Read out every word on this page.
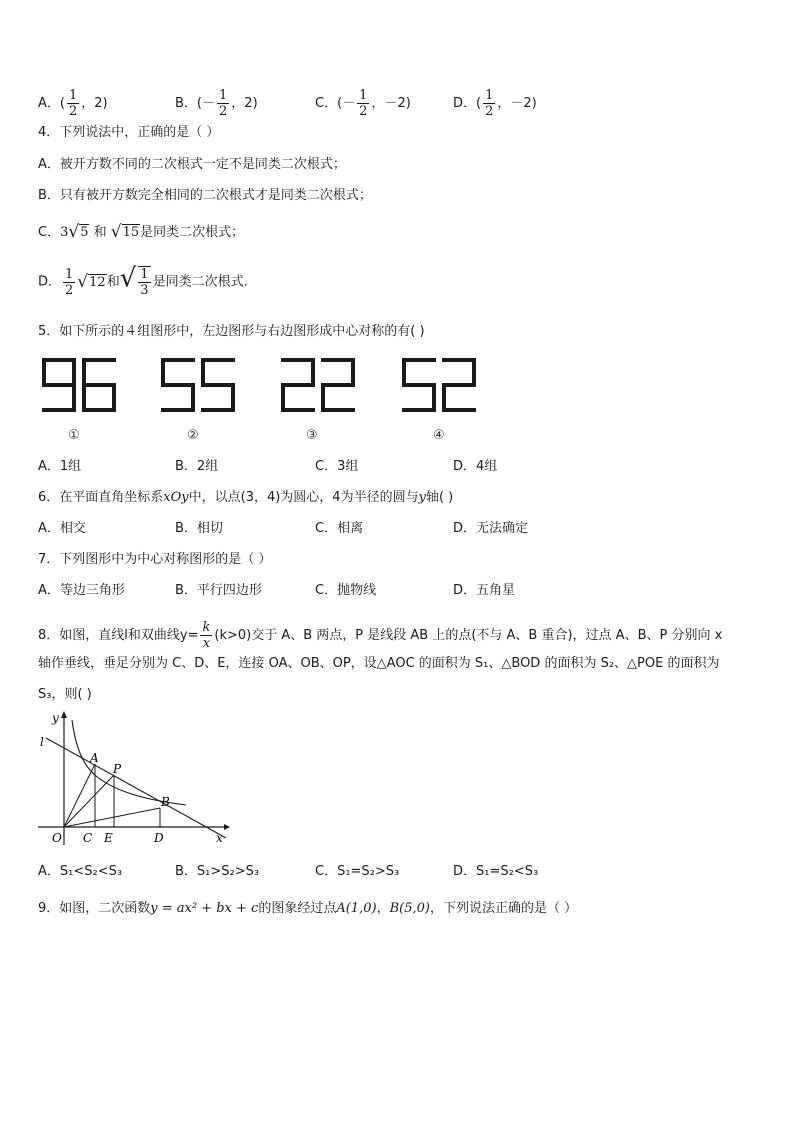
A．( $\frac{1}{2}$ ，2)	B．(－ $\frac{1}{2}$ ，2)	C．(－ $\frac{1}{2}$ ，－2)	D．( $\frac{1}{2}$ ，－2)
4．下列说法中，正确的是（ ）
A．被开方数不同的二次根式一定不是同类二次根式；
B．只有被开方数完全相同的二次根式才是同类二次根式；
C．3√5 和 √15是同类二次根式；
D． $\frac{1}{2} √12$和√ $\frac{1}{3}$ 是同类二次根式.
5．如下所示的４组图形中，左边图形与右边图形成中心对称的有( )
①	②	③	④
A．1组	B．2组	C．3组	D．4组
6．在平面直角坐标系xOy中，以点(3，4)为圆心，4为半径的圆与y轴( )
A．相交	B．相切	C．相离	D．无法确定
7．下列图形中为中心对称图形的是（ ）
A．等边三角形	B．平行四边形	C．抛物线	D．五角星
8．如图，直线l和双曲线$y= \frac{k}{x} (k>0)$交于 A、B 两点，P 是线段 AB 上的点(不与 A、B 重合)，过点 A、B、P 分别向 x
轴作垂线，垂足分别为 C、D、E，连接 OA、OB、OP，设△AOC 的面积为 S₁、△BOD 的面积为 S₂、△POE 的面积为
S₃，则( )
y
x
l
A
P
B
O C E	D
A．S₁<S₂<S₃	B．S₁>S₂>S₃	C．S₁=S₂>S₃	D．S₁=S₂<S₃
9．如图，二次函数y = ax² + bx + c的图象经过点A(1,0)，B(5,0)，下列说法正确的是（ ）
